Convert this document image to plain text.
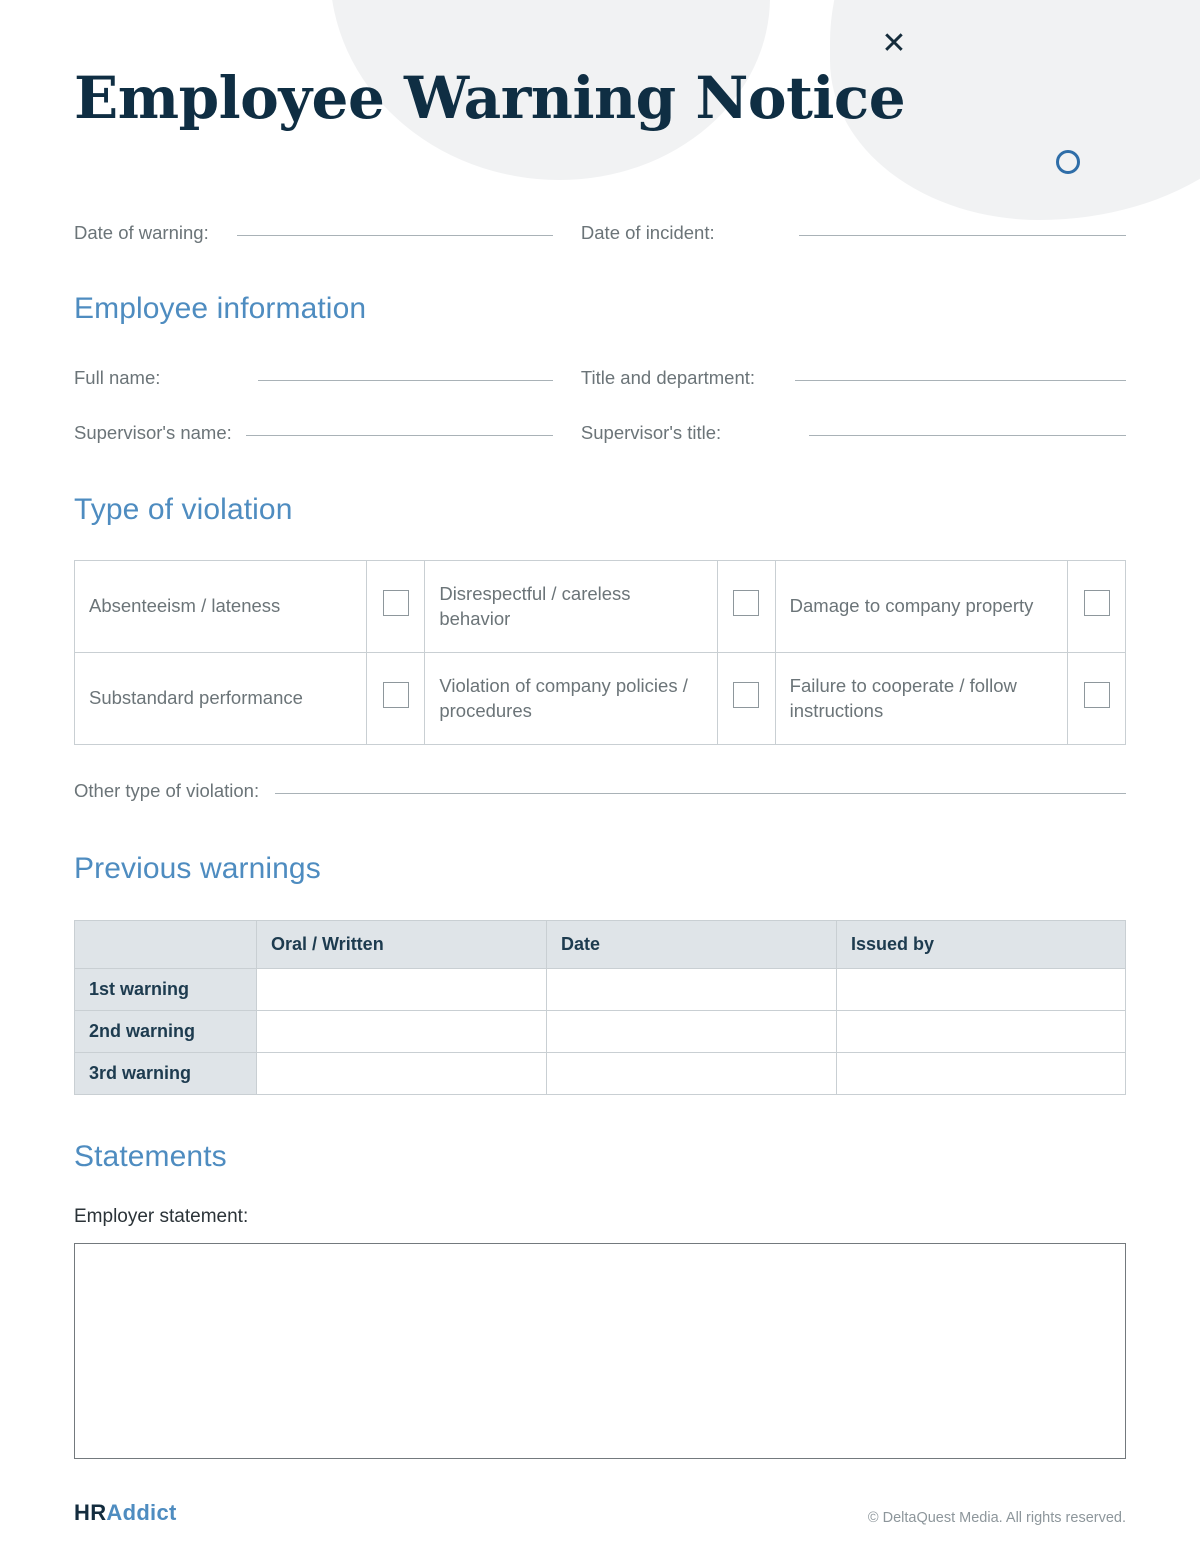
✕
Employee Warning Notice
Date of warning:	Date of incident:
Employee information
Full name:	Title and department:
Supervisor's name:	Supervisor's title:
Type of violation
Absenteeism / lateness		Disrespectful / careless behavior		Damage to company property	
Substandard performance		Violation of company policies / procedures		Failure to cooperate / follow instructions	
Other type of violation:
Previous warnings
	Oral / Written	Date	Issued by
1st warning			
2nd warning			
3rd warning			
Statements
Employer statement:
HRAddict	© DeltaQuest Media. All rights reserved.
